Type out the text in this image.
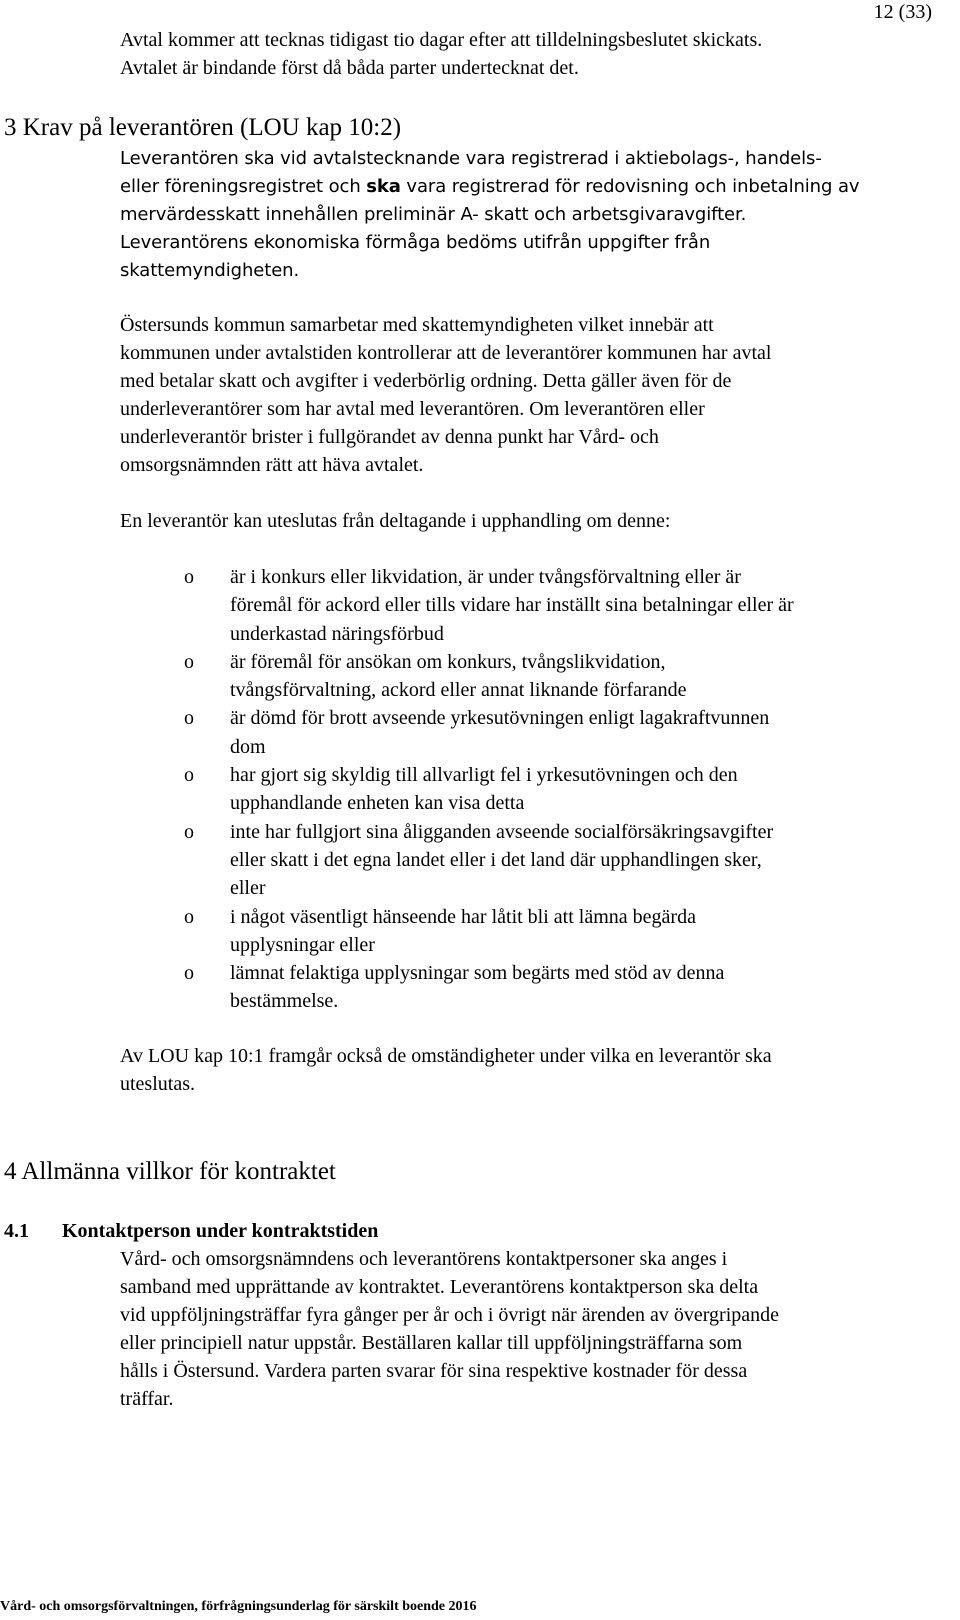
12 (33)
Avtal kommer att tecknas tidigast tio dagar efter att tilldelningsbeslutet skickats.
Avtalet är bindande först då båda parter undertecknat det.
3 Krav på leverantören (LOU kap 10:2)
Leverantören ska vid avtalstecknande vara registrerad i aktiebolags-, handels-
eller föreningsregistret och ska vara registrerad för redovisning och inbetalning av
mervärdesskatt innehållen preliminär A- skatt och arbetsgivaravgifter.
Leverantörens ekonomiska förmåga bedöms utifrån uppgifter från
skattemyndigheten.
Östersunds kommun samarbetar med skattemyndigheten vilket innebär att
kommunen under avtalstiden kontrollerar att de leverantörer kommunen har avtal
med betalar skatt och avgifter i vederbörlig ordning. Detta gäller även för de
underleverantörer som har avtal med leverantören. Om leverantören eller
underleverantör brister i fullgörandet av denna punkt har Vård- och
omsorgsnämnden rätt att häva avtalet.
En leverantör kan uteslutas från deltagande i upphandling om denne:
o är i konkurs eller likvidation, är under tvångsförvaltning eller är
föremål för ackord eller tills vidare har inställt sina betalningar eller är
underkastad näringsförbud
o är föremål för ansökan om konkurs, tvångslikvidation,
tvångsförvaltning, ackord eller annat liknande förfarande
o är dömd för brott avseende yrkesutövningen enligt lagakraftvunnen
dom
o har gjort sig skyldig till allvarligt fel i yrkesutövningen och den
upphandlande enheten kan visa detta
o inte har fullgjort sina åligganden avseende socialförsäkringsavgifter
eller skatt i det egna landet eller i det land där upphandlingen sker,
eller
o i något väsentligt hänseende har låtit bli att lämna begärda
upplysningar eller
o lämnat felaktiga upplysningar som begärts med stöd av denna
bestämmelse.
Av LOU kap 10:1 framgår också de omständigheter under vilka en leverantör ska
uteslutas.
4 Allmänna villkor för kontraktet
4.1 Kontaktperson under kontraktstiden
Vård- och omsorgsnämndens och leverantörens kontaktpersoner ska anges i
samband med upprättande av kontraktet. Leverantörens kontaktperson ska delta
vid uppföljningsträffar fyra gånger per år och i övrigt när ärenden av övergripande
eller principiell natur uppstår. Beställaren kallar till uppföljningsträffarna som
hålls i Östersund. Vardera parten svarar för sina respektive kostnader för dessa
träffar.
Vård- och omsorgsförvaltningen, förfrågningsunderlag för särskilt boende 2016
